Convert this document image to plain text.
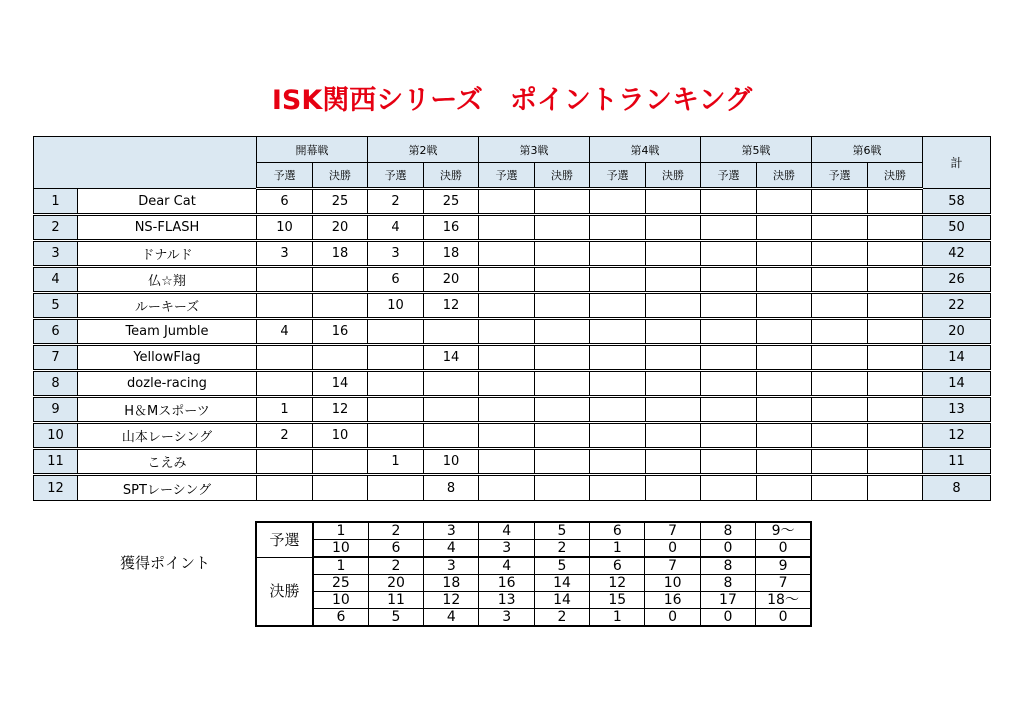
ISK関西シリーズ　ポイントランキング
		開幕戦		第2戦		第3戦		第4戦		第5戦		第6戦		計
		予選	決勝	予選	決勝	予選	決勝	予選	決勝	予選	決勝	予選	決勝	
1	Dear Cat	6	25	2	25									58
2	NS-FLASH	10	20	4	16									50
3	ドナルド	3	18	3	18									42
4	仏☆翔			6	20									26
5	ルーキーズ			10	12									22
6	Team Jumble	4	16											20
7	YellowFlag				14									14
8	dozle-racing		14											14
9	H＆Mスポーツ	1	12											13
10	山本レーシング	2	10											12
11	こえみ			1	10									11
12	SPTレーシング				8									8
獲得ポイント
予選	1	2	3	4	5	6	7	8	9〜
	10	6	4	3	2	1	0	0	0
決勝	1	2	3	4	5	6	7	8	9
	25	20	18	16	14	12	10	8	7
	10	11	12	13	14	15	16	17	18〜
	6	5	4	3	2	1	0	0	0
